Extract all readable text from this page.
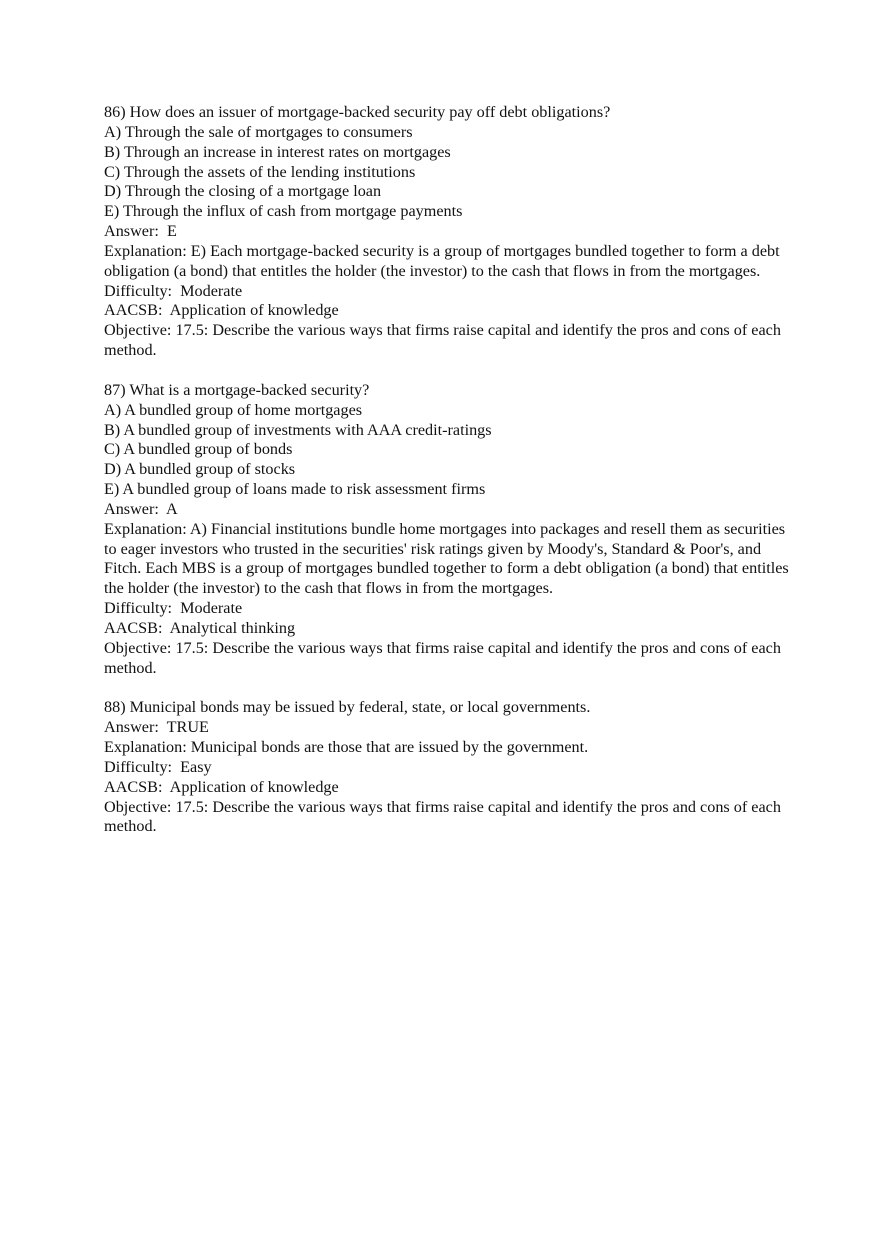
86) How does an issuer of mortgage-backed security pay off debt obligations?

A) Through the sale of mortgages to consumers

B) Through an increase in interest rates on mortgages

C) Through the assets of the lending institutions

D) Through the closing of a mortgage loan

E) Through the influx of cash from mortgage payments

Answer:  E

Explanation: E) Each mortgage-backed security is a group of mortgages bundled together to form a debt obligation (a bond) that entitles the holder (the investor) to the cash that flows in from the mortgages.

Difficulty:  Moderate

AACSB:  Application of knowledge

Objective: 17.5: Describe the various ways that firms raise capital and identify the pros and cons of each method.

87) What is a mortgage-backed security?

A) A bundled group of home mortgages

B) A bundled group of investments with AAA credit-ratings

C) A bundled group of bonds

D) A bundled group of stocks

E) A bundled group of loans made to risk assessment firms

Answer:  A

Explanation: A) Financial institutions bundle home mortgages into packages and resell them as securities to eager investors who trusted in the securities' risk ratings given by Moody's, Standard & Poor's, and Fitch. Each MBS is a group of mortgages bundled together to form a debt obligation (a bond) that entitles the holder (the investor) to the cash that flows in from the mortgages.

Difficulty:  Moderate

AACSB:  Analytical thinking

Objective: 17.5: Describe the various ways that firms raise capital and identify the pros and cons of each method.

88) Municipal bonds may be issued by federal, state, or local governments.

Answer:  TRUE

Explanation: Municipal bonds are those that are issued by the government.

Difficulty:  Easy

AACSB:  Application of knowledge

Objective: 17.5: Describe the various ways that firms raise capital and identify the pros and cons of each method.
